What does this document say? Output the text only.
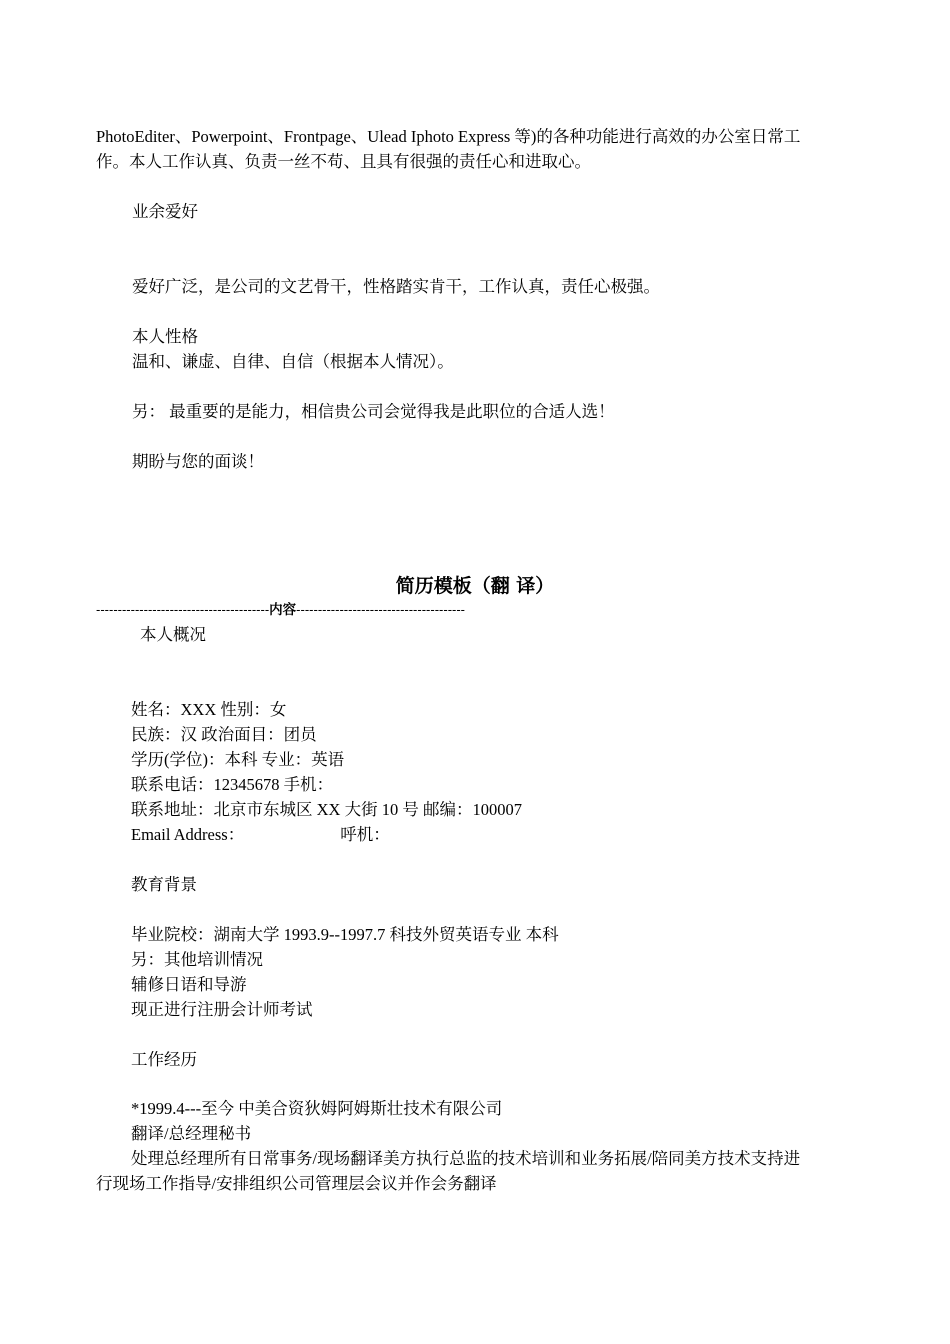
PhotoEditer、Powerpoint、Frontpage、Ulead Iphoto Express 等)的各种功能进行高效的办公室日常工
作。本人工作认真、负责一丝不苟、且具有很强的责任心和进取心。
业余爱好
爱好广泛，是公司的文艺骨干，性格踏实肯干，工作认真，责任心极强。
本人性格
温和、谦虚、自律、自信（根据本人情况）。
另： 最重要的是能力，相信贵公司会觉得我是此职位的合适人选！
期盼与您的面谈！
简历模板（翻 译）
----------------------------------------内容---------------------------------------
本人概况
姓名：XXX 性别：女
民族：汉 政治面目：团员
学历(学位)：本科 专业：英语
联系电话：12345678 手机：
联系地址：北京市东城区 XX 大街 10 号 邮编：100007
Email Address：	呼机：
教育背景
毕业院校：湖南大学 1993.9--1997.7 科技外贸英语专业 本科
另：其他培训情况
辅修日语和导游
现正进行注册会计师考试
工作经历
*1999.4---至今 中美合资狄姆阿姆斯壮技术有限公司
翻译/总经理秘书
处理总经理所有日常事务/现场翻译美方执行总监的技术培训和业务拓展/陪同美方技术支持进
行现场工作指导/安排组织公司管理层会议并作会务翻译
